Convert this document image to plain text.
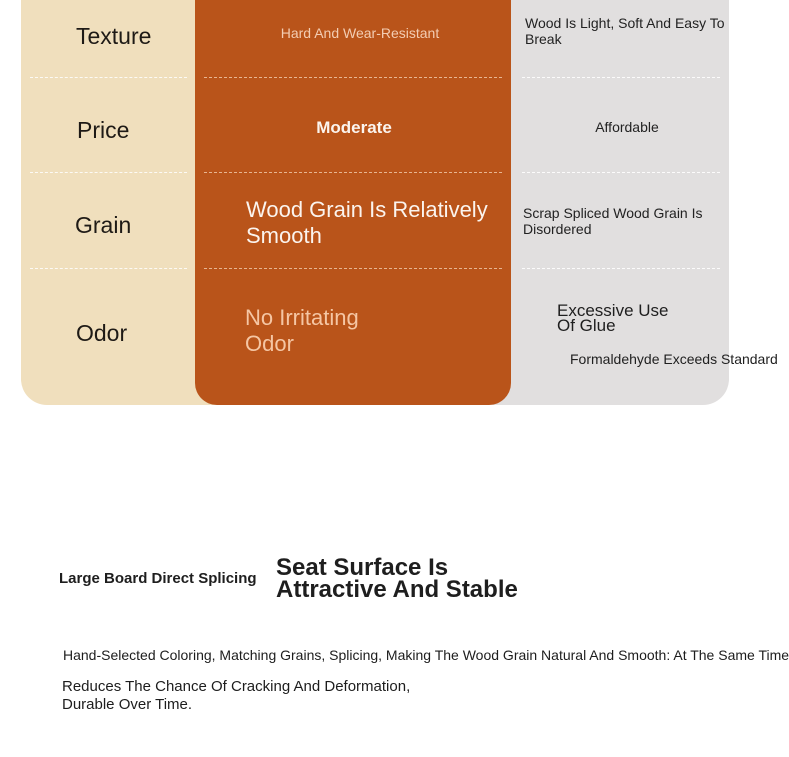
Texture
Price
Grain
Odor
Hard And Wear-Resistant
Moderate
Wood Grain Is Relatively Smooth
No Irritating Odor
Wood Is Light, Soft And Easy To Break
Affordable
Scrap Spliced Wood Grain Is Disordered
Excessive Use Of Glue
Formaldehyde Exceeds Standard
Large Board Direct Splicing Seat Surface Is
Attractive And Stable
Hand-Selected Coloring, Matching Grains, Splicing, Making The Wood Grain Natural And Smooth: At The Same Time
Reduces The Chance Of Cracking And Deformation,
Durable Over Time.
